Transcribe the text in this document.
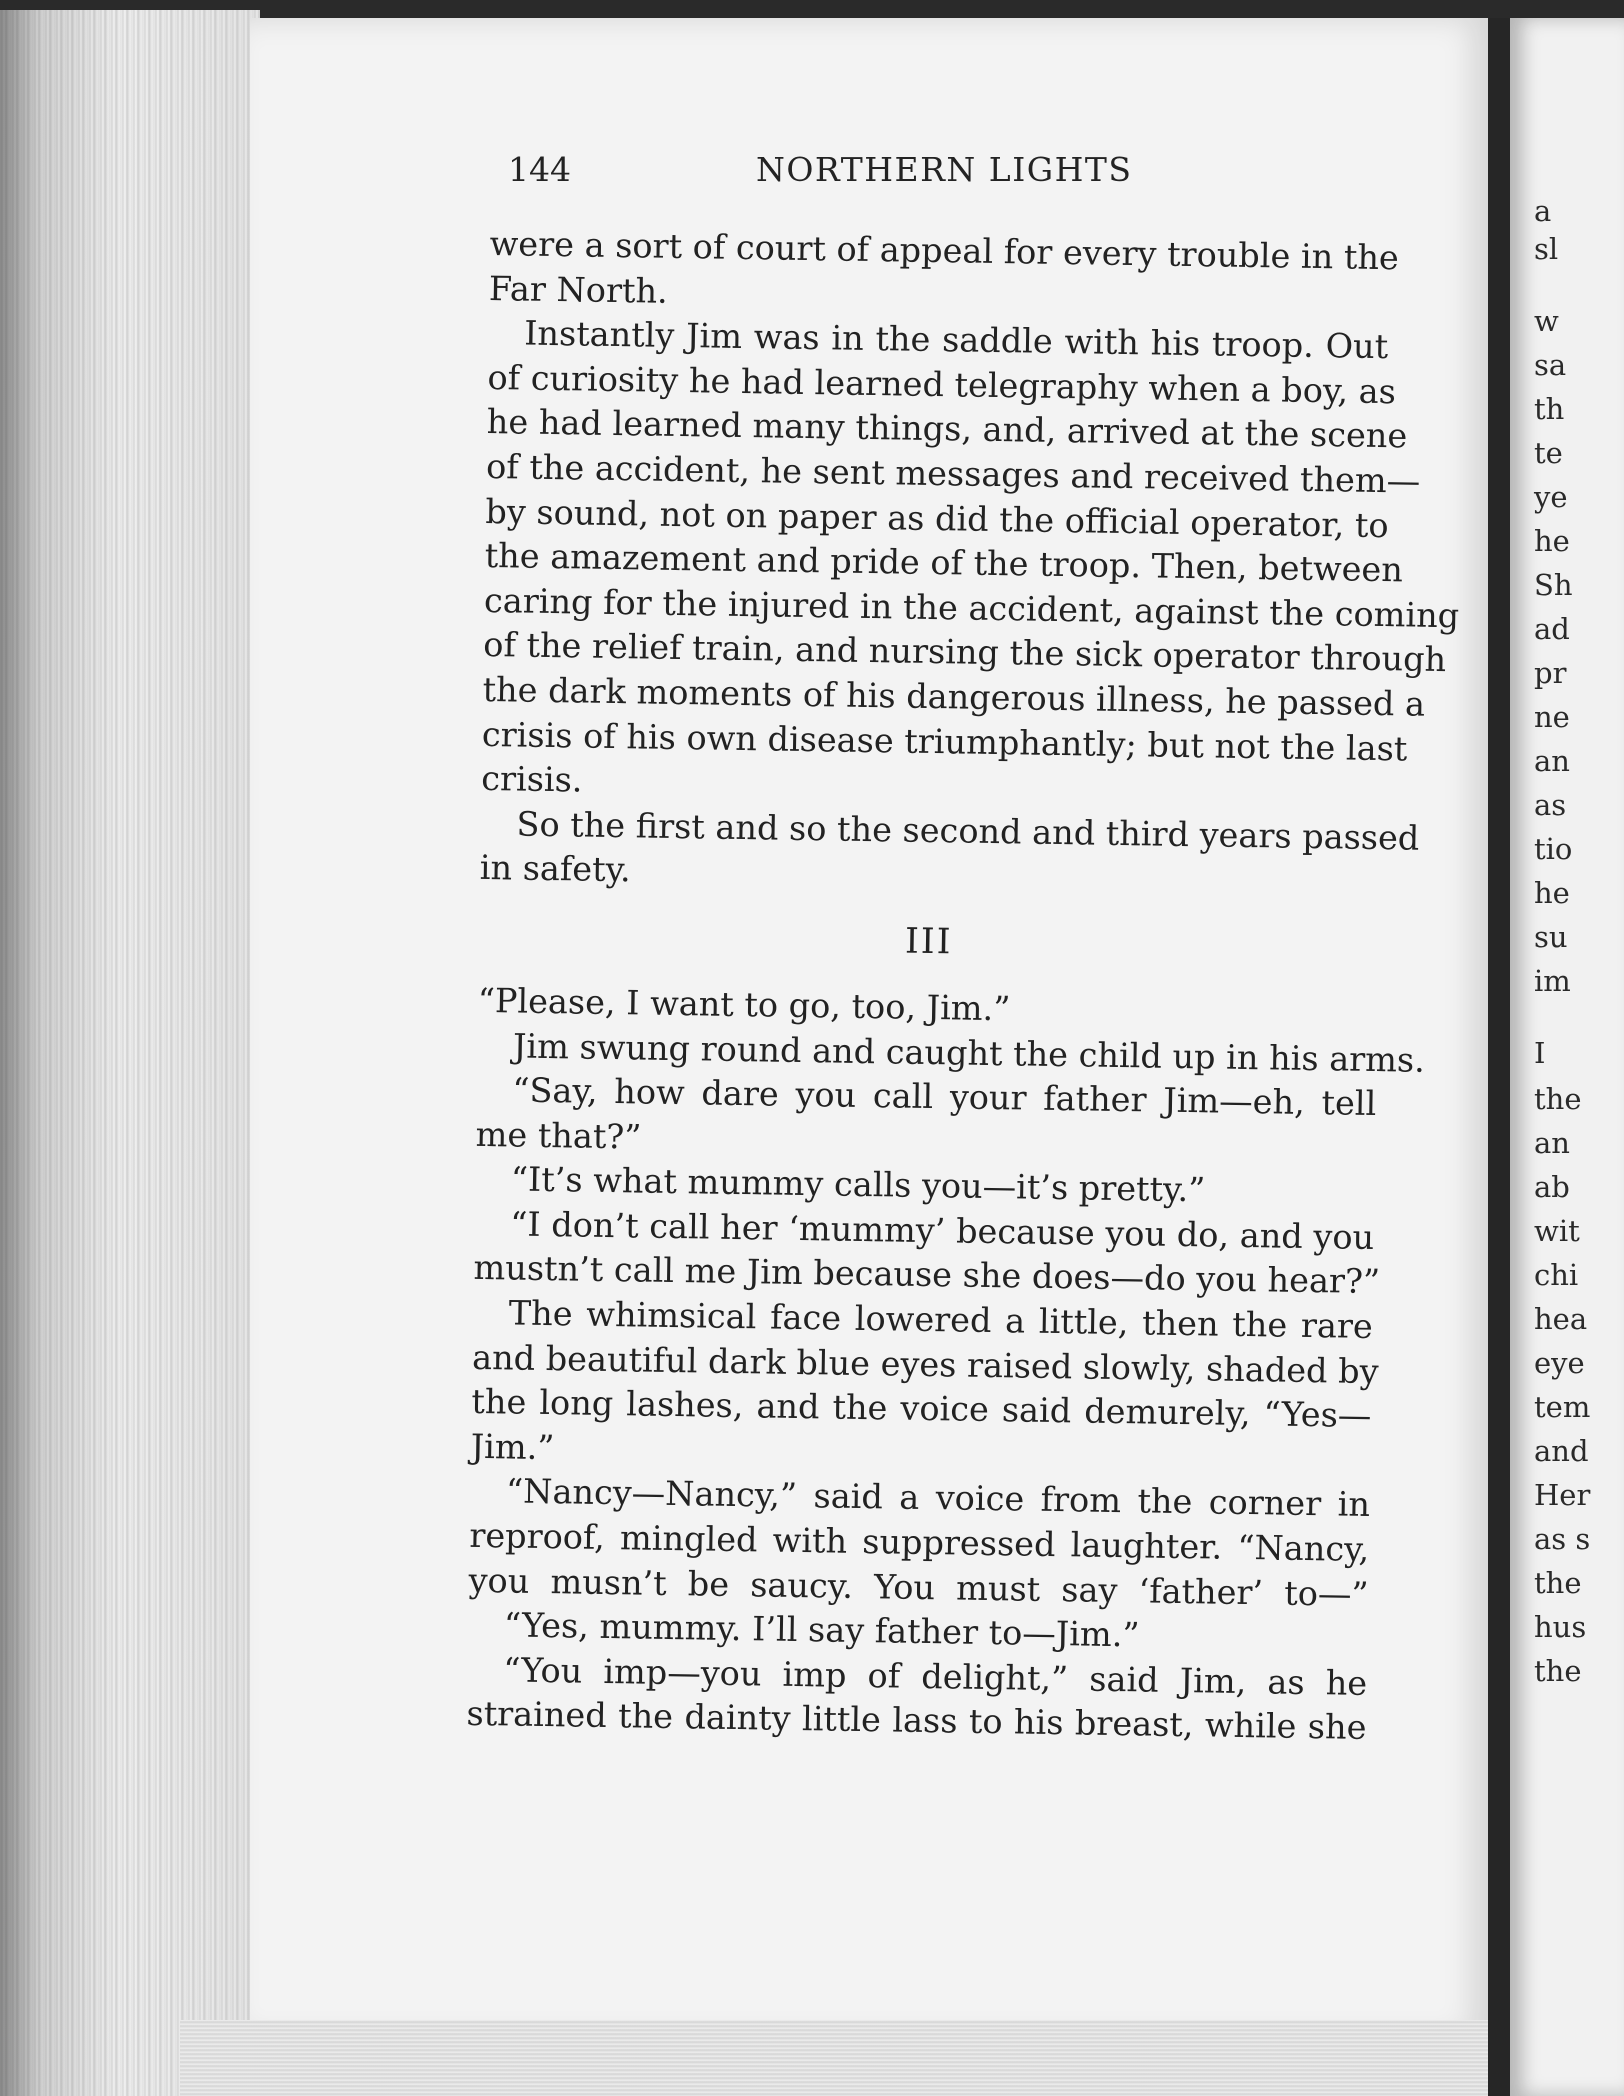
a
sl
w
sa
th
te
ye
he
Sh
ad
pr
ne
an
as
tio
he
su
im
I
the
an
ab
wit
chi
hea
eye
tem
and
Her
as s
the
hus
the
144	NORTHERN LIGHTS
were a sort of court of appeal for every trouble in the
Far North.
Instantly Jim was in the saddle with his troop. Out
of curiosity he had learned telegraphy when a boy, as
he had learned many things, and, arrived at the scene
of the accident, he sent messages and received them—
by sound, not on paper as did the official operator, to
the amazement and pride of the troop. Then, between
caring for the injured in the accident, against the coming
of the relief train, and nursing the sick operator through
the dark moments of his dangerous illness, he passed a
crisis of his own disease triumphantly; but not the last
crisis.
So the first and so the second and third years passed
in safety.
III
“Please, I want to go, too, Jim.”
Jim swung round and caught the child up in his arms.
“Say, how dare you call your father Jim—eh, tell
me that?”
“It’s what mummy calls you—it’s pretty.”
“I don’t call her ‘mummy’ because you do, and you
mustn’t call me Jim because she does—do you hear?”
The whimsical face lowered a little, then the rare
and beautiful dark blue eyes raised slowly, shaded by
the long lashes, and the voice said demurely, “Yes—
Jim.”
“Nancy—Nancy,” said a voice from the corner in
reproof, mingled with suppressed laughter. “Nancy,
you musn’t be saucy. You must say ‘father’ to—”
“Yes, mummy. I’ll say father to—Jim.”
“You imp—you imp of delight,” said Jim, as he
strained the dainty little lass to his breast, while she
